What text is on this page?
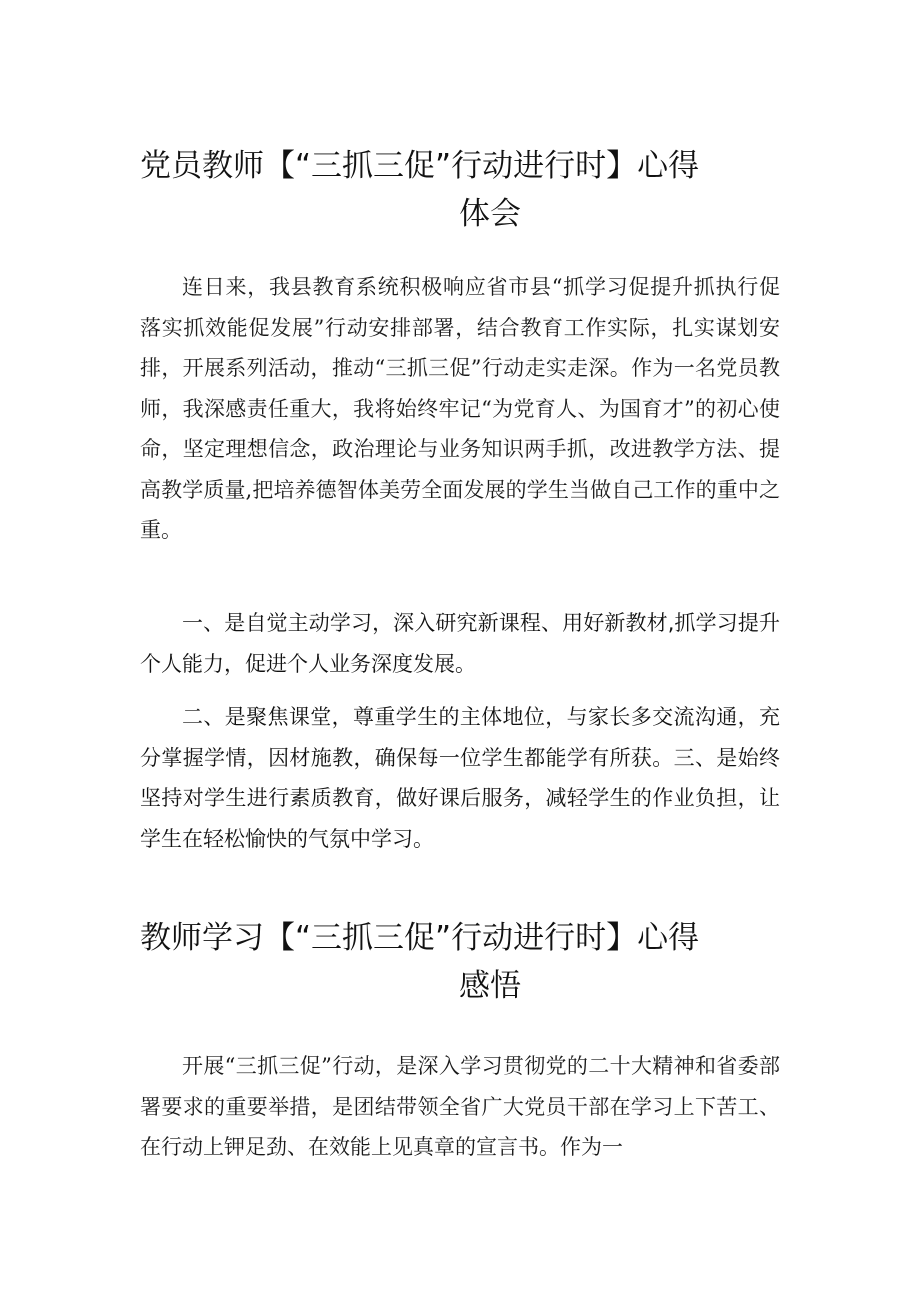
党员教师【“三抓三促”行动进行时】心得
体会

连日来，我县教育系统积极响应省市县“抓学习促提升抓执行促落实抓效能促发展”行动安排部署，结合教育工作实际，扎实谋划安排，开展系列活动，推动“三抓三促”行动走实走深。作为一名党员教师，我深感责任重大，我将始终牢记“为党育人、为国育才”的初心使命，坚定理想信念，政治理论与业务知识两手抓，改进教学方法、提高教学质量,把培养德智体美劳全面发展的学生当做自己工作的重中之重。

一、是自觉主动学习，深入研究新课程、用好新教材,抓学习提升个人能力，促进个人业务深度发展。

二、是聚焦课堂，尊重学生的主体地位，与家长多交流沟通，充分掌握学情，因材施教，确保每一位学生都能学有所获。三、是始终坚持对学生进行素质教育，做好课后服务，减轻学生的作业负担，让学生在轻松愉快的气氛中学习。

教师学习【“三抓三促”行动进行时】心得
感悟

开展“三抓三促”行动，是深入学习贯彻党的二十大精神和省委部署要求的重要举措，是团结带领全省广大党员干部在学习上下苦工、在行动上钾足劲、在效能上见真章的宣言书。作为一
